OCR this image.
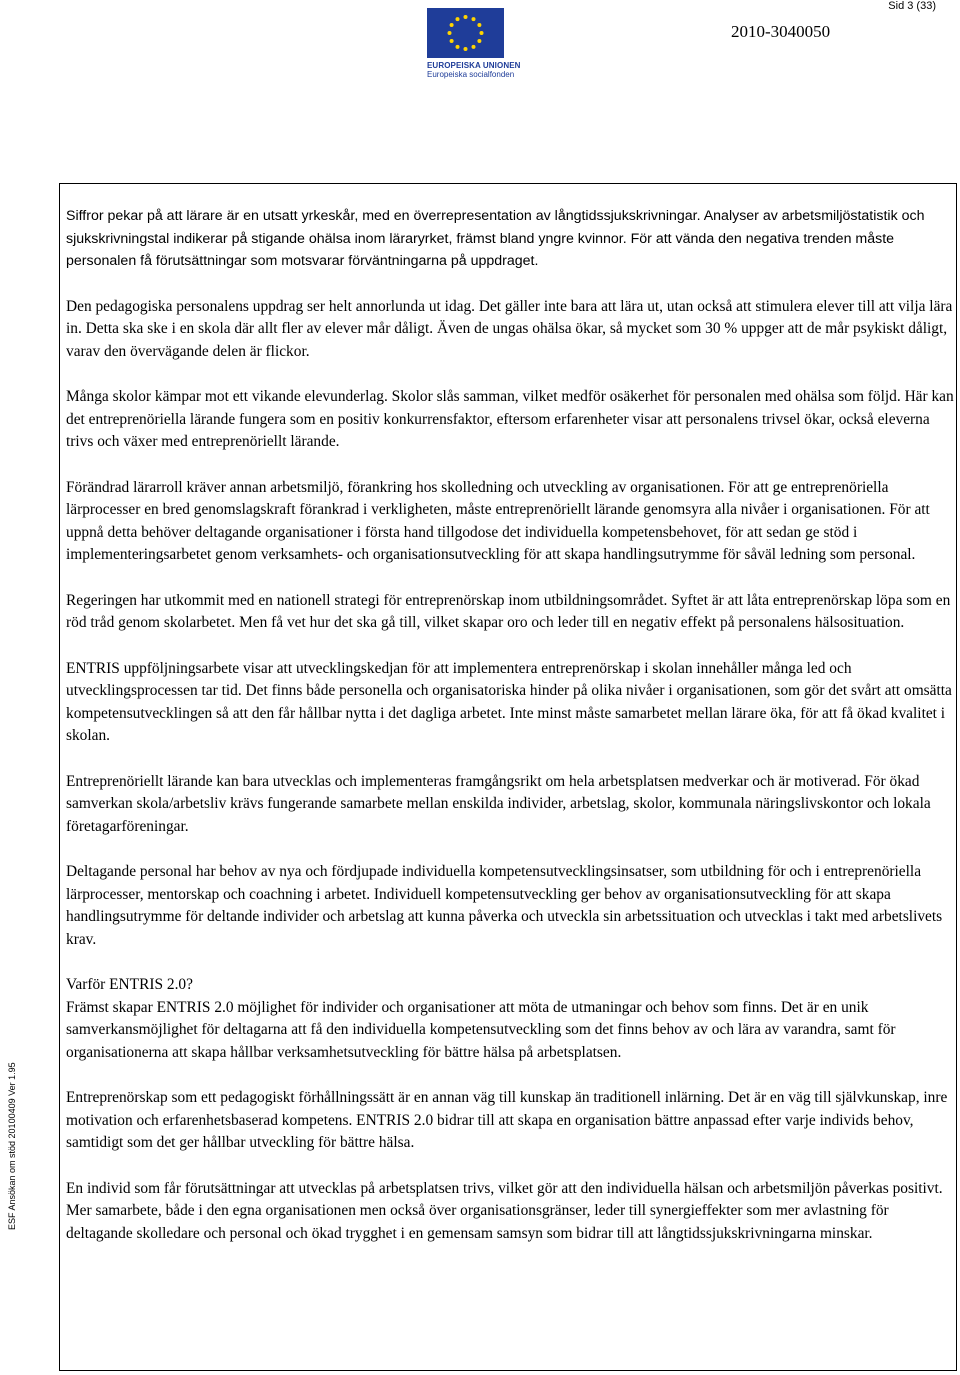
Sid 3 (33)
EUROPEISKA UNIONEN
Europeiska socialfonden
2010-3040050
ESF Ansökan om stöd 20100409 Ver 1.95

Siffror pekar på att lärare är en utsatt yrkeskår, med en överrepresentation av långtidssjukskrivningar. Analyser av arbetsmiljöstatistik och sjukskrivningstal indikerar på stigande ohälsa inom läraryrket, främst bland yngre kvinnor. För att vända den negativa trenden måste personalen få förutsättningar som motsvarar förväntningarna på uppdraget.

Den pedagogiska personalens uppdrag ser helt annorlunda ut idag. Det gäller inte bara att lära ut, utan också att stimulera elever till att vilja lära in. Detta ska ske i en skola där allt fler av elever mår dåligt. Även de ungas ohälsa ökar, så mycket som 30 % uppger att de mår psykiskt dåligt, varav den övervägande delen är flickor.

Många skolor kämpar mot ett vikande elevunderlag. Skolor slås samman, vilket medför osäkerhet för personalen med ohälsa som följd. Här kan det entreprenöriella lärande fungera som en positiv konkurrensfaktor, eftersom erfarenheter visar att personalens trivsel ökar, också eleverna trivs och växer med entreprenöriellt lärande.

Förändrad lärarroll kräver annan arbetsmiljö, förankring hos skolledning och utveckling av organisationen. För att ge entreprenöriella lärprocesser en bred genomslagskraft förankrad i verkligheten, måste entreprenöriellt lärande genomsyra alla nivåer i organisationen. För att uppnå detta behöver deltagande organisationer i första hand tillgodose det individuella kompetensbehovet, för att sedan ge stöd i implementeringsarbetet genom verksamhets- och organisationsutveckling för att skapa handlingsutrymme för såväl ledning som personal.

Regeringen har utkommit med en nationell strategi för entreprenörskap inom utbildningsområdet. Syftet är att låta entreprenörskap löpa som en röd tråd genom skolarbetet. Men få vet hur det ska gå till, vilket skapar oro och leder till en negativ effekt på personalens hälsosituation.

ENTRIS uppföljningsarbete visar att utvecklingskedjan för att implementera entreprenörskap i skolan innehåller många led och utvecklingsprocessen tar tid. Det finns både personella och organisatoriska hinder på olika nivåer i organisationen, som gör det svårt att omsätta kompetensutvecklingen så att den får hållbar nytta i det dagliga arbetet. Inte minst måste samarbetet mellan lärare öka, för att få ökad kvalitet i skolan.

Entreprenöriellt lärande kan bara utvecklas och implementeras framgångsrikt om hela arbetsplatsen medverkar och är motiverad. För ökad samverkan skola/arbetsliv krävs fungerande samarbete mellan enskilda individer, arbetslag, skolor, kommunala näringslivskontor och lokala företagarföreningar.

Deltagande personal har behov av nya och fördjupade individuella kompetensutvecklingsinsatser, som utbildning för och i entreprenöriella lärprocesser, mentorskap och coachning i arbetet. Individuell kompetensutveckling ger behov av organisationsutveckling för att skapa handlingsutrymme för deltande individer och arbetslag att kunna påverka och utveckla sin arbetssituation och utvecklas i takt med arbetslivets krav.

Varför ENTRIS 2.0?

Främst skapar ENTRIS 2.0 möjlighet för individer och organisationer att möta de utmaningar och behov som finns. Det är en unik samverkansmöjlighet för deltagarna att få den individuella kompetensutveckling som det finns behov av och lära av varandra, samt för organisationerna att skapa hållbar verksamhetsutveckling för bättre hälsa på arbetsplatsen.

Entreprenörskap som ett pedagogiskt förhållningssätt är en annan väg till kunskap än traditionell inlärning. Det är en väg till självkunskap, inre motivation och erfarenhetsbaserad kompetens. ENTRIS 2.0 bidrar till att skapa en organisation bättre anpassad efter varje individs behov, samtidigt som det ger hållbar utveckling för bättre hälsa.

En individ som får förutsättningar att utvecklas på arbetsplatsen trivs, vilket gör att den individuella hälsan och arbetsmiljön påverkas positivt. Mer samarbete, både i den egna organisationen men också över organisationsgränser, leder till synergieffekter som mer avlastning för deltagande skolledare och personal och ökad trygghet i en gemensam samsyn som bidrar till att långtidssjukskrivningarna minskar.
